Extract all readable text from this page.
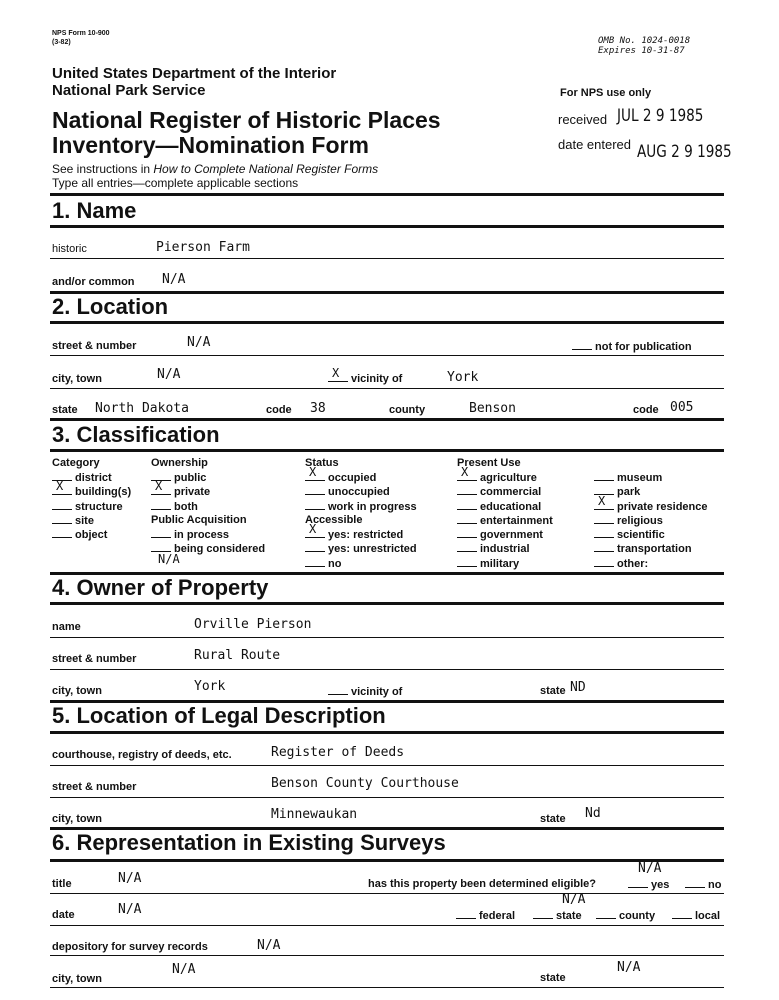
NPS Form 10-900
(3-82)	OMB No. 1024-0018
Expires 10-31-87
United States Department of the Interior
National Park Service
National Register of Historic Places
Inventory—Nomination Form
See instructions in How to Complete National Register Forms
Type all entries—complete applicable sections
For NPS use only
received JUL 2 9 1985
date entered AUG 2 9 1985
1. Name
historic	Pierson Farm
and/or common N/A
2. Location
street & number	N/A	not for publication
city, town	N/A	X vicinity of	York
state North Dakota	code 38	county	Benson	code 005
3. Classification
Category
district
X building(s)
structure
site
object
Ownership
public
X private
both
Public Acquisition
in process
being considered
N/A
Status
X occupied
unoccupied
work in progress
Accessible
X yes: restricted
yes: unrestricted
no
Present Use
X agriculture
commercial
educational
entertainment
government
industrial
military
museum
park
X private residence
religious
scientific
transportation
other:
4. Owner of Property
name	Orville Pierson
street & number	Rural Route
city, town	York	vicinity of	state ND
5. Location of Legal Description
courthouse, registry of deeds, etc.	Register of Deeds
street & number	Benson County Courthouse
city, town	Minnewaukan	state Nd
6. Representation in Existing Surveys
title	N/A	has this property been determined eligible?
N/A
yes	no
date	N/A
N/A
federal	state	county	local
depository for survey records	N/A
city, town
N/A
state
N/A
